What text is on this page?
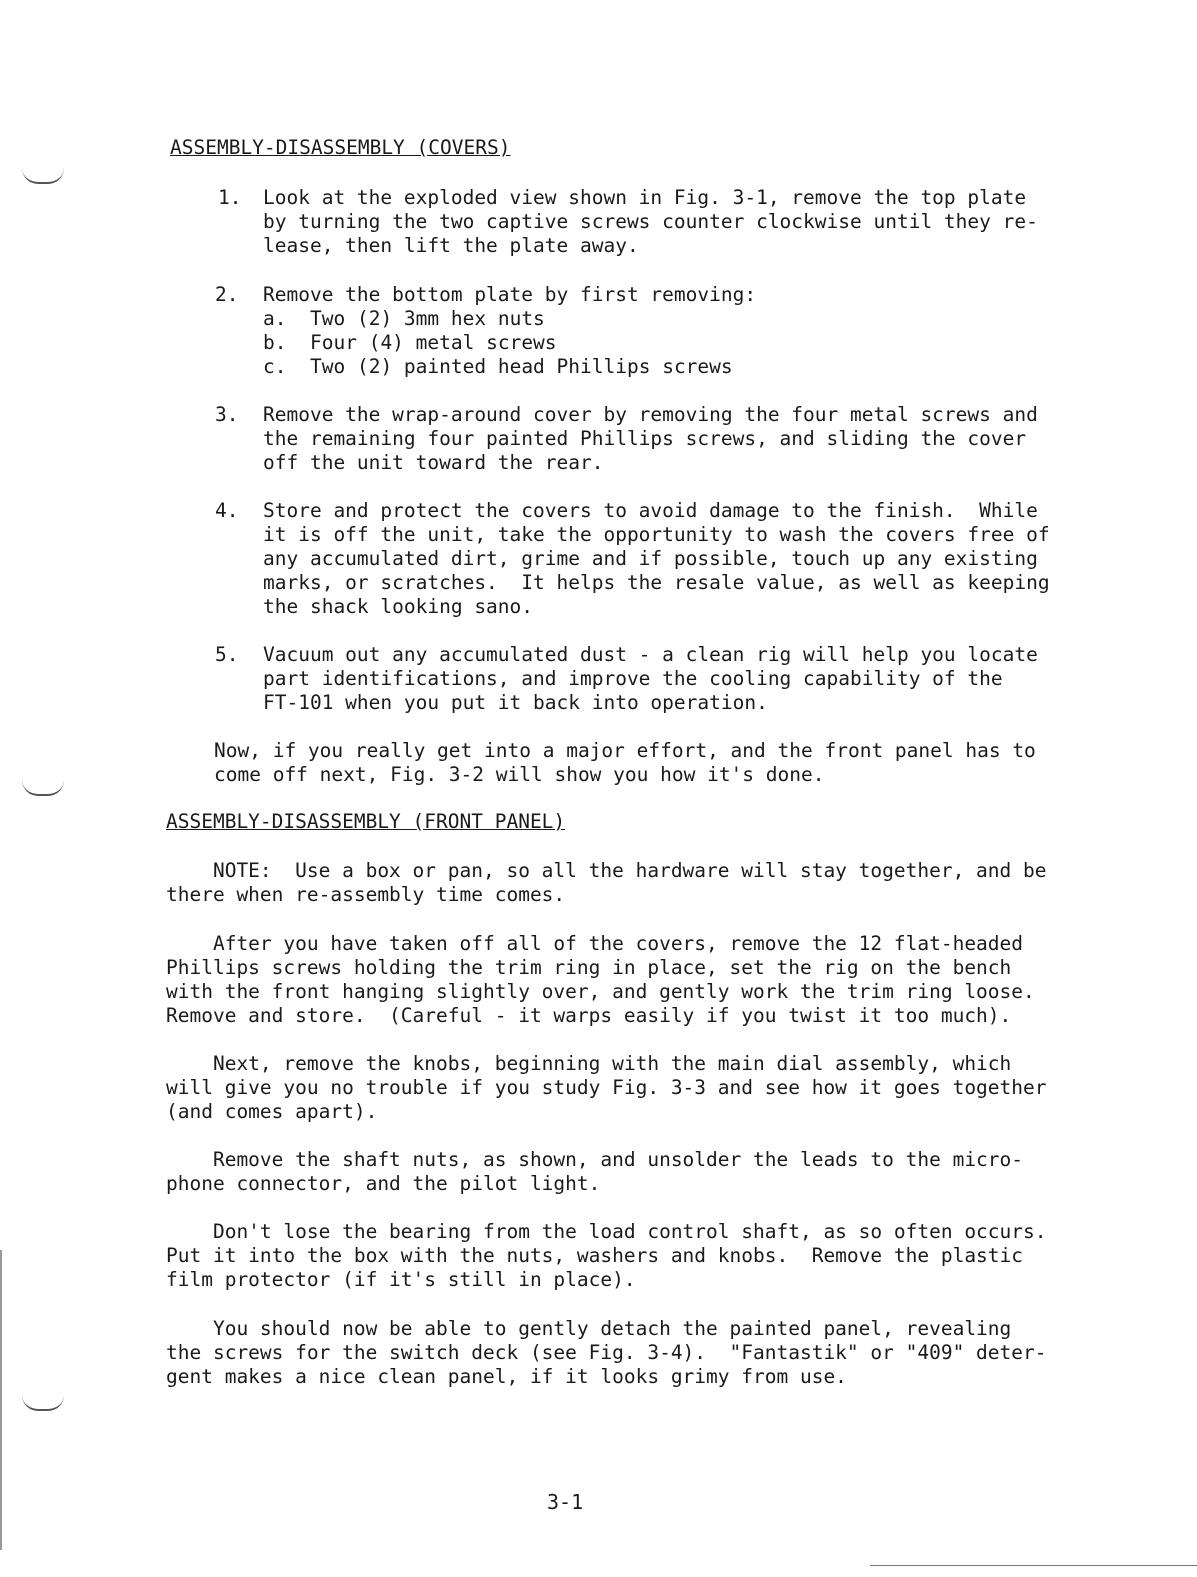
ASSEMBLY-DISASSEMBLY (COVERS)
1. Look at the exploded view shown in Fig. 3-1, remove the top plate
by turning the two captive screws counter clockwise until they re-
lease, then lift the plate away.
2. Remove the bottom plate by first removing:
a. Two (2) 3mm hex nuts
b. Four (4) metal screws
c. Two (2) painted head Phillips screws
3. Remove the wrap-around cover by removing the four metal screws and
the remaining four painted Phillips screws, and sliding the cover
off the unit toward the rear.
4. Store and protect the covers to avoid damage to the finish.  While
it is off the unit, take the opportunity to wash the covers free of
any accumulated dirt, grime and if possible, touch up any existing
marks, or scratches.  It helps the resale value, as well as keeping
the shack looking sano.
5. Vacuum out any accumulated dust - a clean rig will help you locate
part identifications, and improve the cooling capability of the
FT-101 when you put it back into operation.
Now, if you really get into a major effort, and the front panel has to
come off next, Fig. 3-2 will show you how it's done.
ASSEMBLY-DISASSEMBLY (FRONT PANEL)
NOTE:  Use a box or pan, so all the hardware will stay together, and be
there when re-assembly time comes.
After you have taken off all of the covers, remove the 12 flat-headed
Phillips screws holding the trim ring in place, set the rig on the bench
with the front hanging slightly over, and gently work the trim ring loose.
Remove and store.  (Careful - it warps easily if you twist it too much).
Next, remove the knobs, beginning with the main dial assembly, which
will give you no trouble if you study Fig. 3-3 and see how it goes together
(and comes apart).
Remove the shaft nuts, as shown, and unsolder the leads to the micro-
phone connector, and the pilot light.
Don't lose the bearing from the load control shaft, as so often occurs.
Put it into the box with the nuts, washers and knobs.  Remove the plastic
film protector (if it's still in place).
You should now be able to gently detach the painted panel, revealing
the screws for the switch deck (see Fig. 3-4).  "Fantastik" or "409" deter-
gent makes a nice clean panel, if it looks grimy from use.
3-1
